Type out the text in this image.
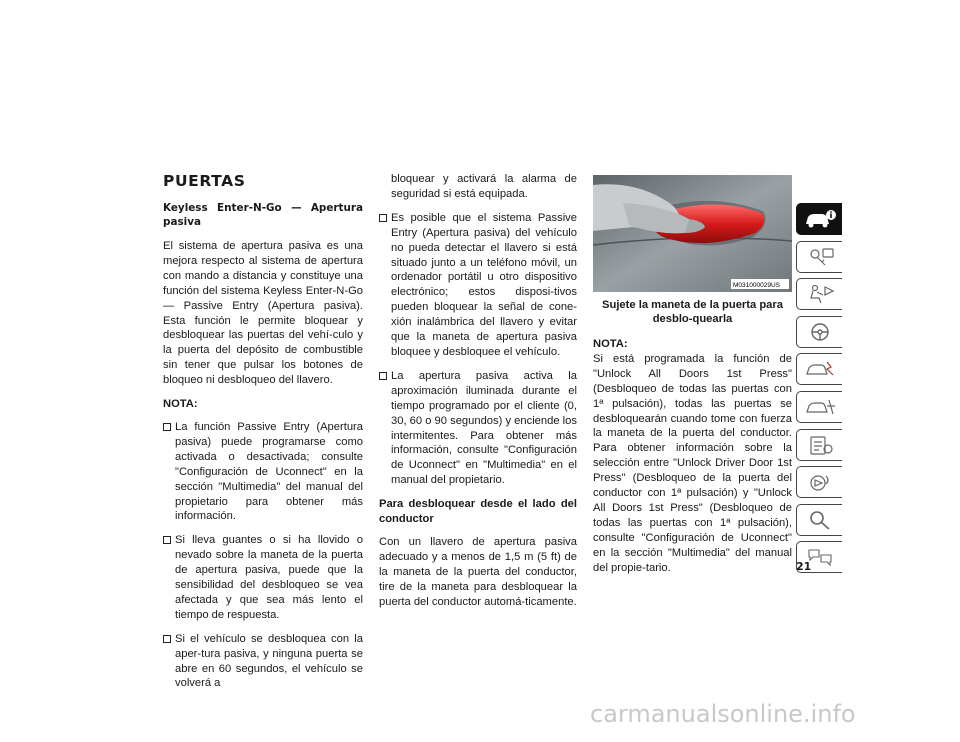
PUERTAS
Keyless Enter-N-Go — Apertura pasiva

El sistema de apertura pasiva es una mejora respecto al sistema de apertura con mando a distancia y constituye una función del sistema Keyless Enter-N-Go — Passive Entry (Apertura pasiva). Esta función le permite bloquear y desbloquear las puertas del vehí-culo y la puerta del depósito de combustible sin tener que pulsar los botones de bloqueo ni desbloqueo del llavero.

NOTA:
La función Passive Entry (Apertura pasiva) puede programarse como activada o desactivada; consulte "Configuración de Uconnect" en la sección "Multimedia" del manual del propietario para obtener más información.
Si lleva guantes o si ha llovido o nevado sobre la maneta de la puerta de apertura pasiva, puede que la sensibilidad del desbloqueo se vea afectada y que sea más lento el tiempo de respuesta.
Si el vehículo se desbloquea con la aper-tura pasiva, y ninguna puerta se abre en 60 segundos, el vehículo se volverá a
bloquear y activará la alarma de seguridad si está equipada.
Es posible que el sistema Passive Entry (Apertura pasiva) del vehículo no pueda detectar el llavero si está situado junto a un teléfono móvil, un ordenador portátil u otro dispositivo electrónico; estos disposi-tivos pueden bloquear la señal de cone-xión inalámbrica del llavero y evitar que la maneta de apertura pasiva bloquee y desbloquee el vehículo.
La apertura pasiva activa la aproximación iluminada durante el tiempo programado por el cliente (0, 30, 60 o 90 segundos) y enciende los intermitentes. Para obtener más información, consulte "Configuración de Uconnect" en "Multimedia" en el manual del propietario.
Para desbloquear desde el lado del conductor

Con un llavero de apertura pasiva adecuado y a menos de 1,5 m (5 ft) de la maneta de la puerta del conductor, tire de la maneta para desbloquear la puerta del conductor automá-ticamente.

M031000029US
Sujete la maneta de la puerta para desblo-quearla
NOTA:

Si está programada la función de "Unlock All Doors 1st Press" (Desbloqueo de todas las puertas con 1ª pulsación), todas las puertas se desbloquearán cuando tome con fuerza la maneta de la puerta del conductor. Para obtener información sobre la selección entre "Unlock Driver Door 1st Press" (Desbloqueo de la puerta del conductor con 1ª pulsación) y "Unlock All Doors 1st Press" (Desbloqueo de todas las puertas con 1ª pulsación), consulte "Configuración de Uconnect" en la sección "Multimedia" del manual del propie-tario.	21
carmanualsonline.info
